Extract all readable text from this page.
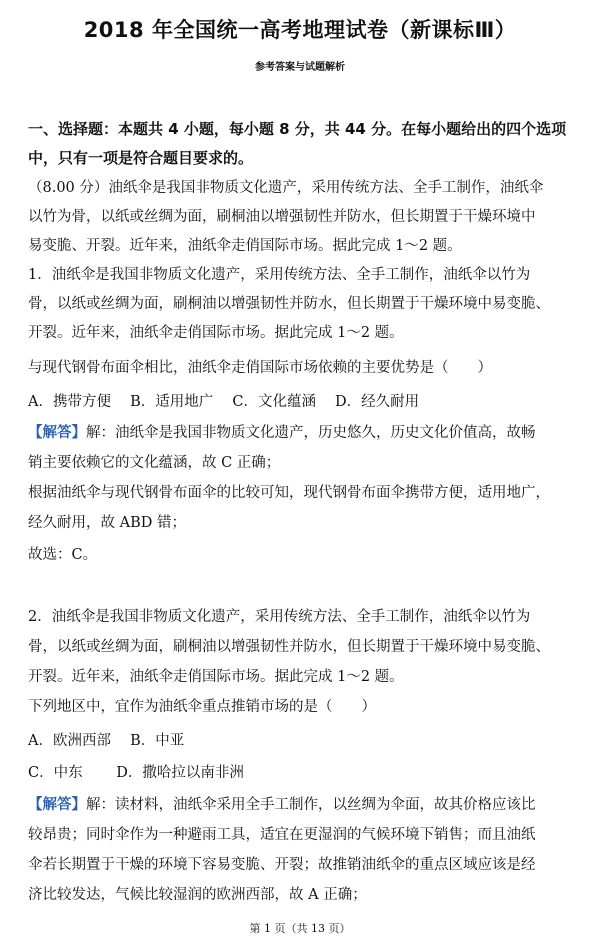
2018 年全国统一高考地理试卷（新课标Ⅲ）
参考答案与试题解析
一、选择题：本题共 4 小题，每小题 8 分，共 44 分。在每小题给出的四个选项
中，只有一项是符合题目要求的。
（8.00 分）油纸伞是我国非物质文化遗产，采用传统方法、全手工制作，油纸伞
以竹为骨，以纸或丝绸为面，刷桐油以增强韧性并防水，但长期置于干燥环境中
易变脆、开裂。近年来，油纸伞走俏国际市场。据此完成 1～2 题。
1．油纸伞是我国非物质文化遗产，采用传统方法、全手工制作，油纸伞以竹为
骨，以纸或丝绸为面，刷桐油以增强韧性并防水，但长期置于干燥环境中易变脆、
开裂。近年来，油纸伞走俏国际市场。据此完成 1～2 题。
与现代钢骨布面伞相比，油纸伞走俏国际市场依赖的主要优势是（　　）
A．携带方便　 B．适用地广　 C．文化蕴涵　 D．经久耐用
【解答】解：油纸伞是我国非物质文化遗产，历史悠久，历史文化价值高，故畅
销主要依赖它的文化蕴涵，故 C 正确；
根据油纸伞与现代钢骨布面伞的比较可知，现代钢骨布面伞携带方便，适用地广，
经久耐用，故 ABD 错；
故选：C。
2．油纸伞是我国非物质文化遗产，采用传统方法、全手工制作，油纸伞以竹为
骨，以纸或丝绸为面，刷桐油以增强韧性并防水，但长期置于干燥环境中易变脆、
开裂。近年来，油纸伞走俏国际市场。据此完成 1～2 题。
下列地区中，宜作为油纸伞重点推销市场的是（　　）
A．欧洲西部　 B．中亚
C．中东　　 D．撒哈拉以南非洲
【解答】解：读材料，油纸伞采用全手工制作，以丝绸为伞面，故其价格应该比
较昂贵；同时伞作为一种避雨工具，适宜在更湿润的气候环境下销售；而且油纸
伞若长期置于干燥的环境下容易变脆、开裂；故推销油纸伞的重点区域应该是经
济比较发达，气候比较湿润的欧洲西部，故 A 正确；
第 1 页（共 13 页）
